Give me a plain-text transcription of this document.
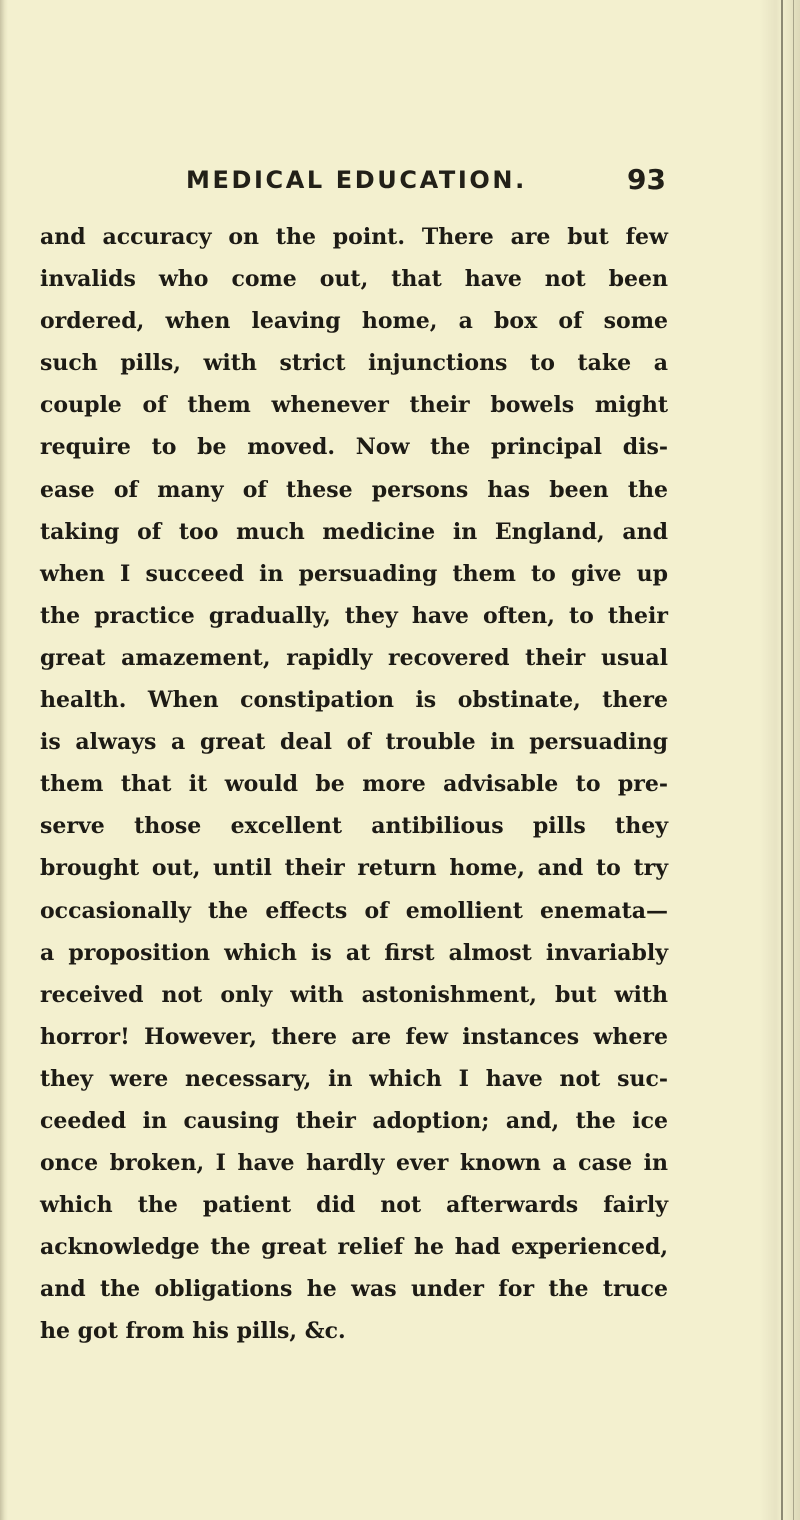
MEDICAL EDUCATION.	93
and accuracy on the point. There are but few
invalids who come out, that have not been
ordered, when leaving home, a box of some
such pills, with strict injunctions to take a
couple of them whenever their bowels might
require to be moved. Now the principal dis-
ease of many of these persons has been the
taking of too much medicine in England, and
when I succeed in persuading them to give up
the practice gradually, they have often, to their
great amazement, rapidly recovered their usual
health. When constipation is obstinate, there
is always a great deal of trouble in persuading
them that it would be more advisable to pre-
serve those excellent antibilious pills they
brought out, until their return home, and to try
occasionally the effects of emollient enemata—
a proposition which is at first almost invariably
received not only with astonishment, but with
horror! However, there are few instances where
they were necessary, in which I have not suc-
ceeded in causing their adoption; and, the ice
once broken, I have hardly ever known a case in
which the patient did not afterwards fairly
acknowledge the great relief he had experienced,
and the obligations he was under for the truce
he got from his pills, &c.
